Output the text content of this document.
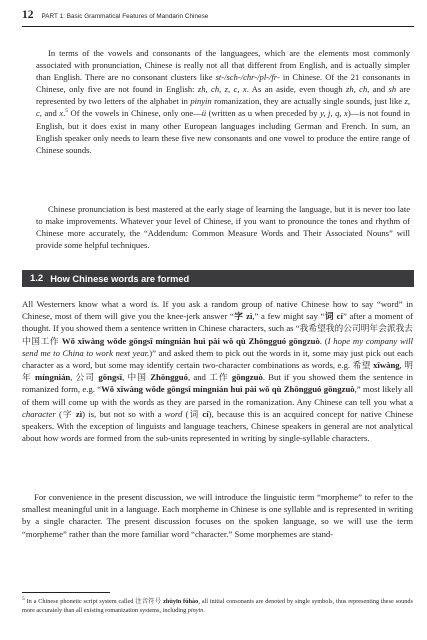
12 PART 1: Basic Grammatical Features of Mandarin Chinese

In terms of the vowels and consonants of the languagees, which are the elements most commonly associated with pronunciation, Chinese is really not all that different from English, and is actually simpler than English. There are no consonant clusters like st-/sch-/chr-/pl-/fr- in Chinese. Of the 21 consonants in Chinese, only five are not found in English: zh, ch, z, c, x. As an aside, even though zh, ch, and sh are represented by two letters of the alphabet in pinyin romanization, they are actually single sounds, just like z, c, and x.$^5$ Of the vowels in Chinese, only one—ü (written as u when preceded by y, j, q, x)—is not found in English, but it does exist in many other European languages including German and French. In sum, an English speaker only needs to learn these five new consonants and one vowel to produce the entire range of Chinese sounds.

Chinese pronunciation is best mastered at the early stage of learning the language, but it is never too late to make improvements. Whatever your level of Chinese, if you want to pronounce the tones and rhythm of Chinese more accurately, the “Addendum: Common Measure Words and Their Associated Nouns” will provide some helpful techniques.

1.2 How Chinese words are formed

All Westerners know what a word is. If you ask a random group of native Chinese how to say “word” in Chinese, most of them will give you the knee-jerk answer “字 zì,” a few might say “词 cí” after a moment of thought. If you showed them a sentence written in Chinese characters, such as “我希望我的公司明年会派我去中国工作 Wǒ xīwàng wǒde gōngsī míngnián huì pài wǒ qù Zhōngguó gōngzuò. (I hope my company will send me to China to work next year.)” and asked them to pick out the words in it, some may just pick out each character as a word, but some may identify certain two-character combinations as words, e.g. 希望 xīwàng, 明年 míngnián, 公司 gōngsī, 中国 Zhōngguó, and 工作 gōngzuò. But if you showed them the sentence in romanized form, e.g. “Wǒ xīwàng wǒde gōngsī míngnián huì pài wǒ qù Zhōngguó gōngzuò,” most likely all of them will come up with the words as they are parsed in the romanization. Any Chinese can tell you what a character (字 zì) is, but not so with a word (词 cí), because this is an acquired concept for native Chinese speakers. With the exception of linguists and language teachers, Chinese speakers in general are not analytical about how words are formed from the sub-units represented in writing by single-syllable characters.

For convenience in the present discussion, we will introduce the linguistic term “morpheme” to refer to the smallest meaningful unit in a language. Each morpheme in Chinese is one syllable and is represented in writing by a single character. The present discussion focuses on the spoken language, so we will use the term “morpheme” rather than the more familiar word “character.” Some morphemes are stand-

$^5$ In a Chinese phonetic script system called 注音符号 zhùyīn fúhào, all initial consonants are denoted by single symbols, thus representing these sounds more accurately than all existing romanization systems, including pinyin.
